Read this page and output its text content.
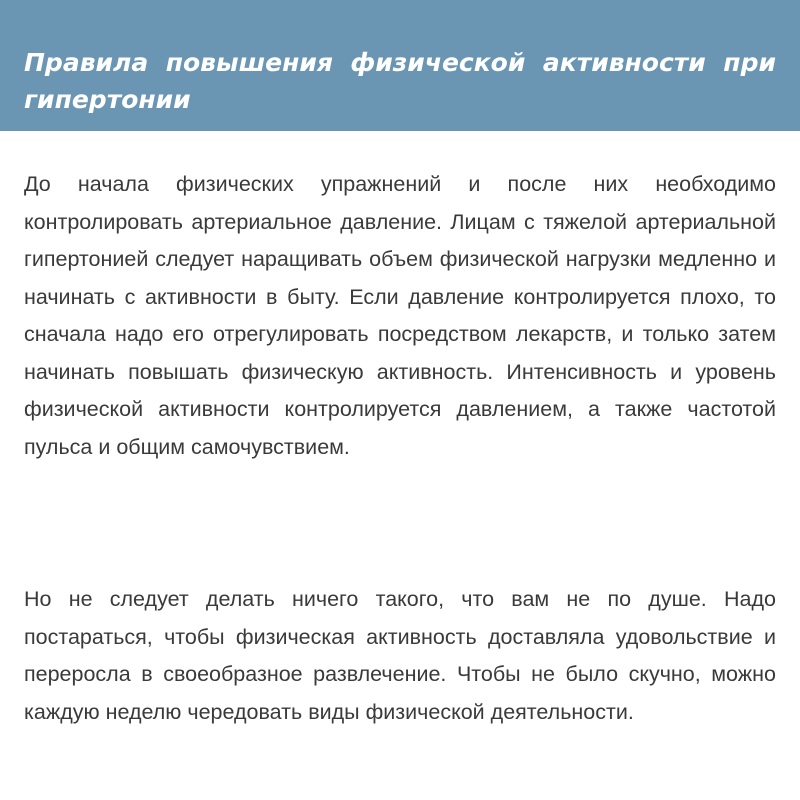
Правила повышения физической активности при гипертонии

До начала физических упражнений и после них необходимо контролировать артериальное давление. Лицам с тяжелой артериальной гипертонией следует наращивать объем физической нагрузки медленно и начинать с активности в быту. Если давление контролируется плохо, то сначала надо его отрегулировать посредством лекарств, и только затем начинать повышать физическую активность. Интенсивность и уровень физической активности контролируется давлением, а также частотой пульса и общим самочувствием.

Но не следует делать ничего такого, что вам не по душе. Надо постараться, чтобы физическая активность доставляла удовольствие и переросла в своеобразное развлечение. Чтобы не было скучно, можно каждую неделю чередовать виды физической деятельности.
